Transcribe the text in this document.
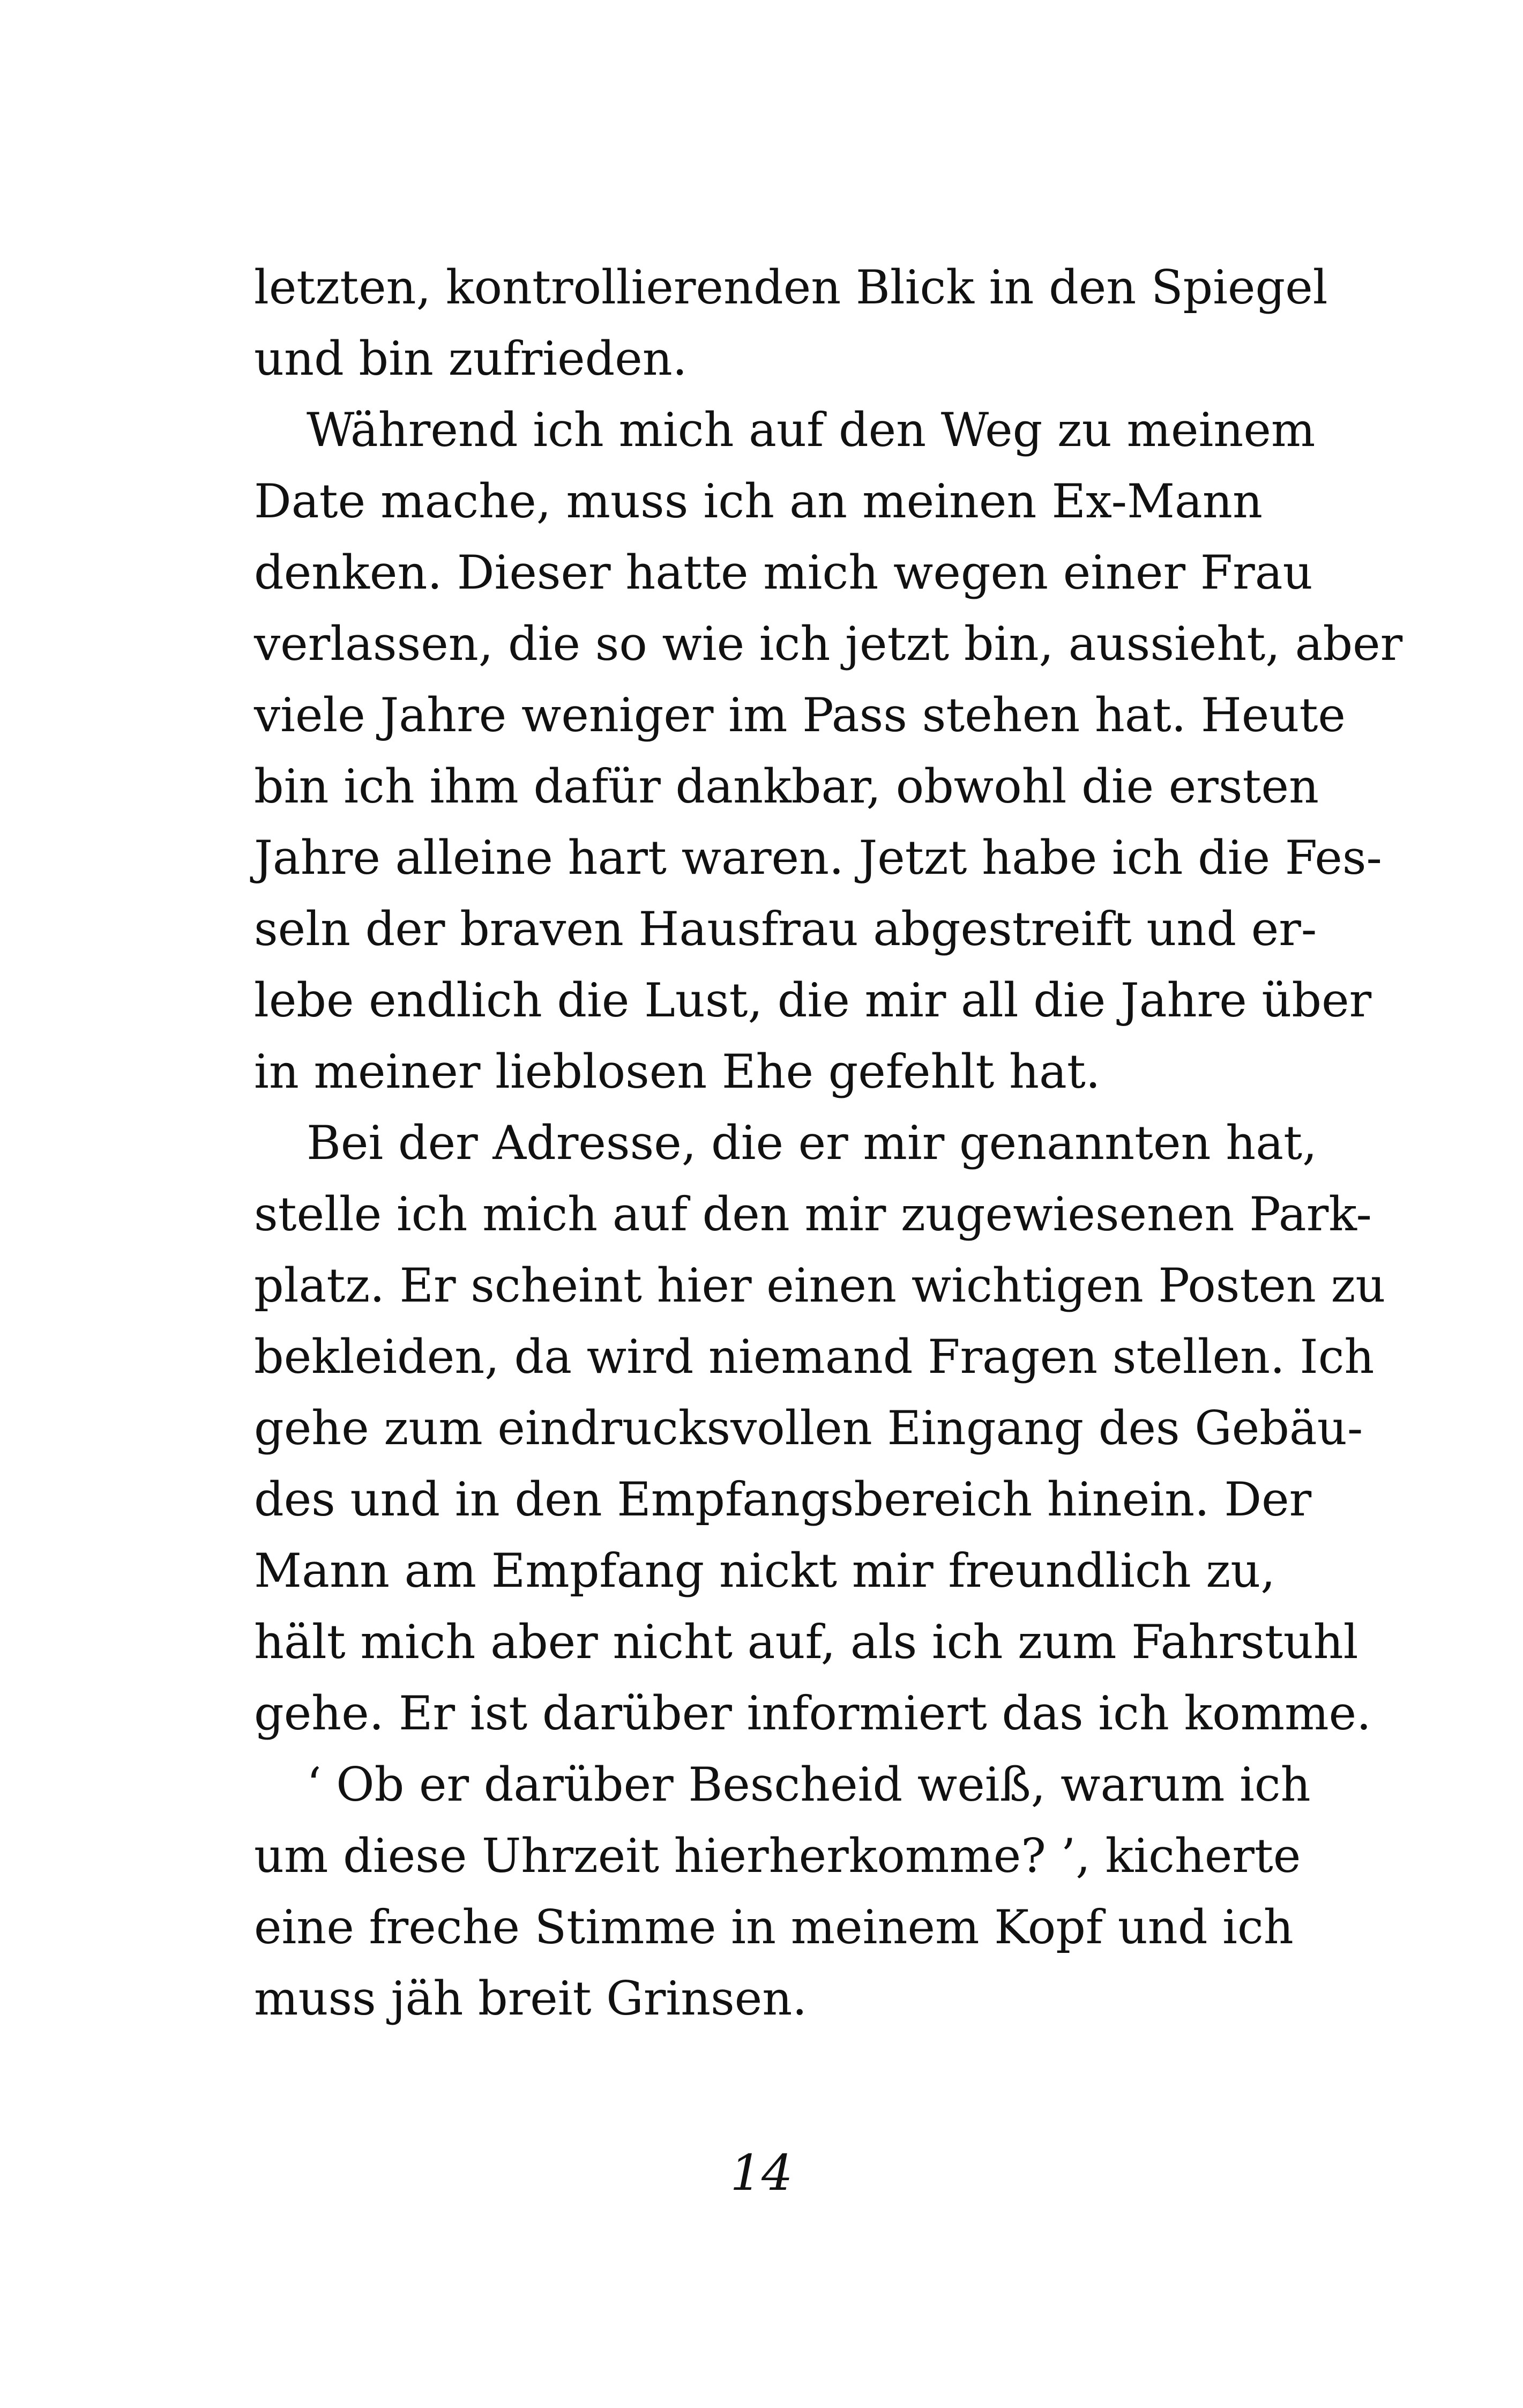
letzten, kontrollierenden Blick in den Spiegel
und bin zufrieden.
Während ich mich auf den Weg zu meinem
Date mache, muss ich an meinen Ex-Mann
denken. Dieser hatte mich wegen einer Frau
verlassen, die so wie ich jetzt bin, aussieht, aber
viele Jahre weniger im Pass stehen hat. Heute
bin ich ihm dafür dankbar, obwohl die ersten
Jahre alleine hart waren. Jetzt habe ich die Fes-
seln der braven Hausfrau abgestreift und er-
lebe endlich die Lust, die mir all die Jahre über
in meiner lieblosen Ehe gefehlt hat.
Bei der Adresse, die er mir genannten hat,
stelle ich mich auf den mir zugewiesenen Park-
platz. Er scheint hier einen wichtigen Posten zu
bekleiden, da wird niemand Fragen stellen. Ich
gehe zum eindrucksvollen Eingang des Gebäu-
des und in den Empfangsbereich hinein. Der
Mann am Empfang nickt mir freundlich zu,
hält mich aber nicht auf, als ich zum Fahrstuhl
gehe. Er ist darüber informiert das ich komme.
‘ Ob er darüber Bescheid weiß, warum ich
um diese Uhrzeit hierherkomme? ’, kicherte
eine freche Stimme in meinem Kopf und ich
muss jäh breit Grinsen.
14
